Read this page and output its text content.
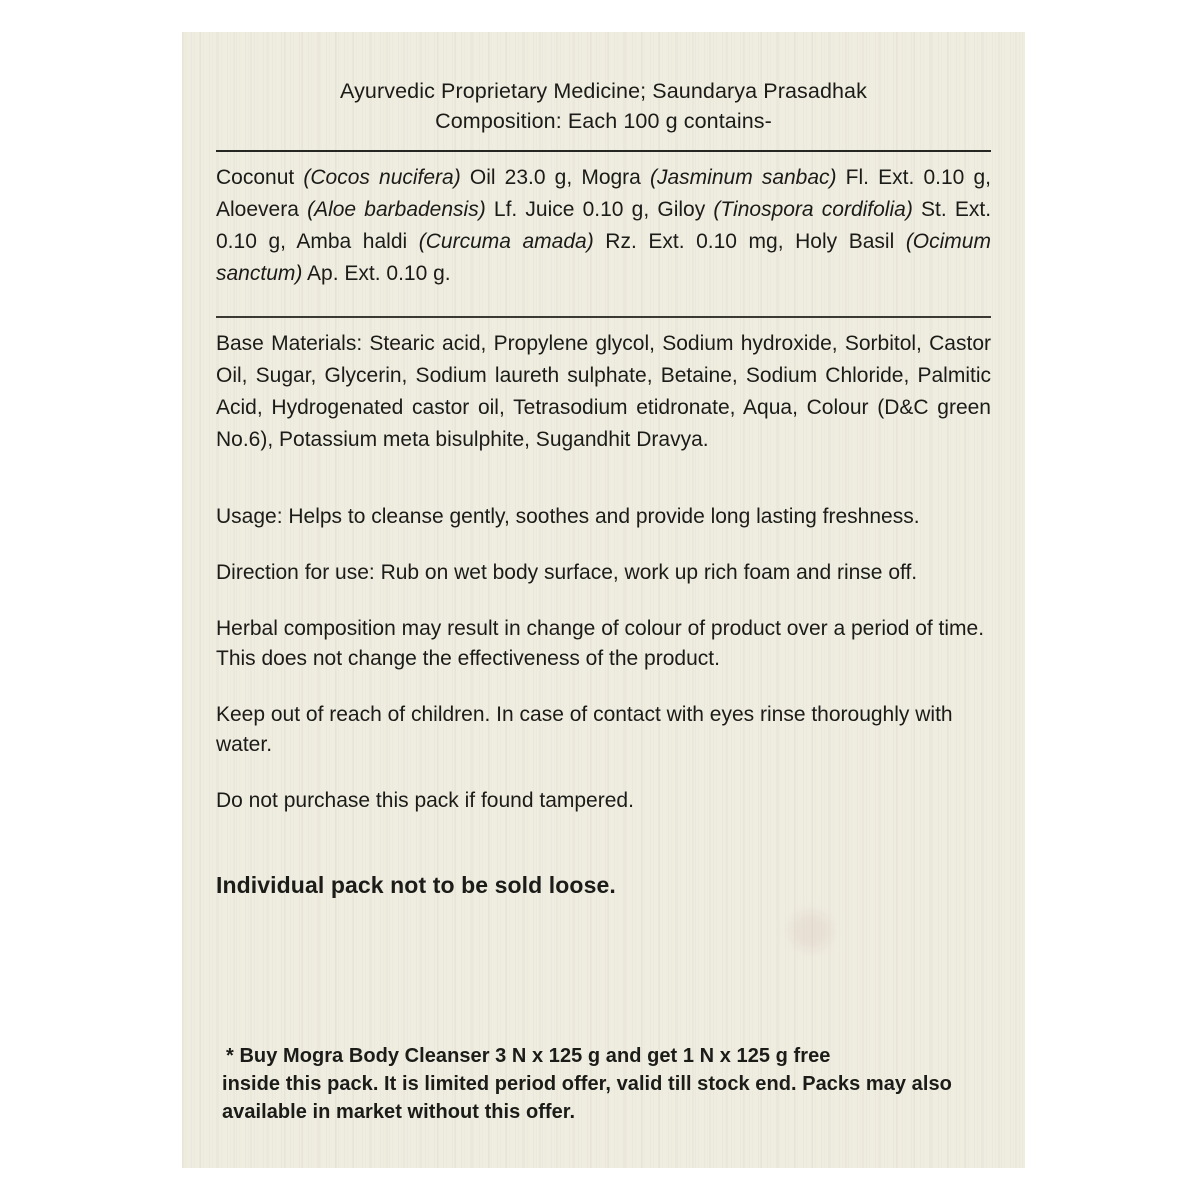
Ayurvedic Proprietary Medicine; Saundarya Prasadhak
Composition: Each 100 g contains-
Coconut (Cocos nucifera) Oil 23.0 g, Mogra (Jasminum sanbac) Fl. Ext. 0.10 g, Aloevera (Aloe barbadensis) Lf. Juice 0.10 g, Giloy (Tinospora cordifolia) St. Ext. 0.10 g, Amba haldi (Curcuma amada) Rz. Ext. 0.10 mg, Holy Basil (Ocimum sanctum) Ap. Ext. 0.10 g.
Base Materials: Stearic acid, Propylene glycol, Sodium hydroxide, Sorbitol, Castor Oil, Sugar, Glycerin, Sodium laureth sulphate, Betaine, Sodium Chloride, Palmitic Acid, Hydrogenated castor oil, Tetrasodium etidronate, Aqua, Colour (D&C green No.6), Potassium meta bisulphite, Sugandhit Dravya.
Usage: Helps to cleanse gently, soothes and provide long lasting freshness.
Direction for use: Rub on wet body surface, work up rich foam and rinse off.
Herbal composition may result in change of colour of product over a period of time. This does not change the effectiveness of the product.
Keep out of reach of children. In case of contact with eyes rinse thoroughly with water.
Do not purchase this pack if found tampered.
Individual pack not to be sold loose.
* Buy Mogra Body Cleanser 3 N x 125 g and get 1 N x 125 g free
inside this pack. It is limited period offer, valid till stock end. Packs may also
available in market without this offer.
